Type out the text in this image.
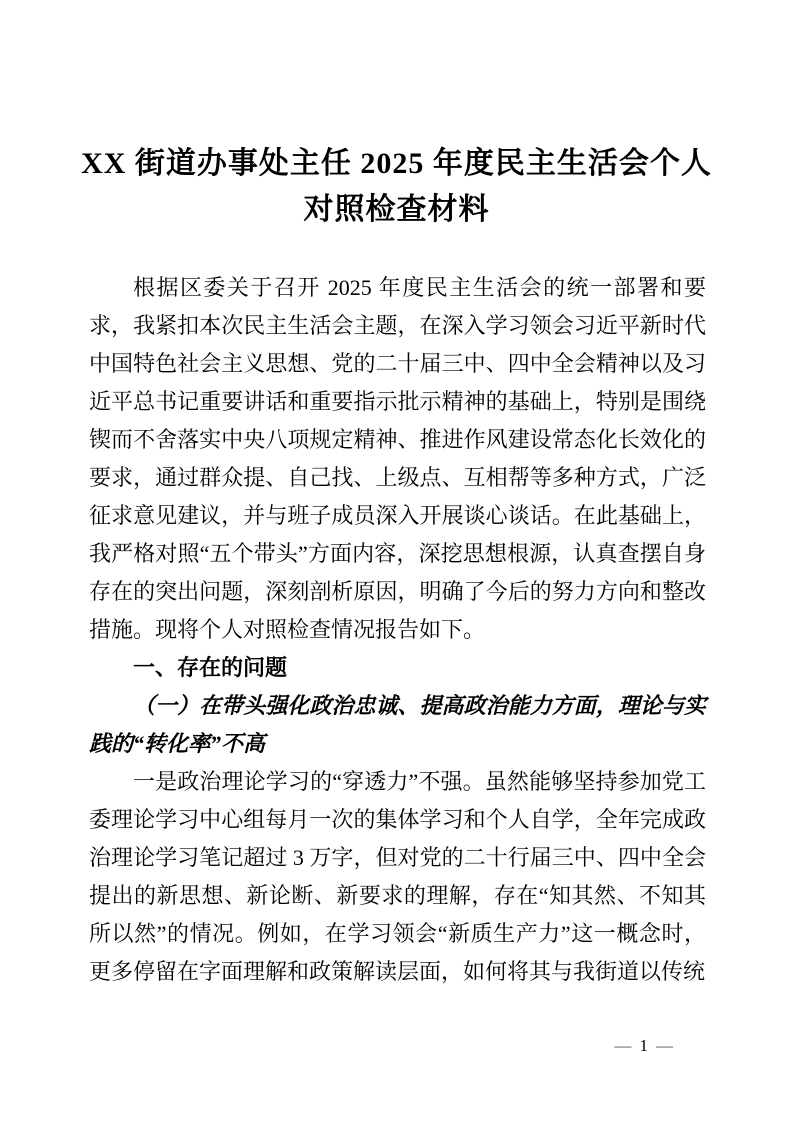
XX 街道办事处主任 2025 年度民主生活会个人
对照检查材料

根据区委关于召开 2025 年度民主生活会的统一部署和要求，我紧扣本次民主生活会主题，在深入学习领会习近平新时代中国特色社会主义思想、党的二十届三中、四中全会精神以及习近平总书记重要讲话和重要指示批示精神的基础上，特别是围绕锲而不舍落实中央八项规定精神、推进作风建设常态化长效化的要求，通过群众提、自己找、上级点、互相帮等多种方式，广泛征求意见建议，并与班子成员深入开展谈心谈话。在此基础上，我严格对照“五个带头”方面内容，深挖思想根源，认真查摆自身存在的突出问题，深刻剖析原因，明确了今后的努力方向和整改措施。现将个人对照检查情况报告如下。

一、存在的问题
（一）在带头强化政治忠诚、提高政治能力方面，理论与实践的“转化率”不高

一是政治理论学习的“穿透力”不强。虽然能够坚持参加党工委理论学习中心组每月一次的集体学习和个人自学，全年完成政治理论学习笔记超过 3 万字，但对党的二十行届三中、四中全会提出的新思想、新论断、新要求的理解，存在“知其然、不知其所以然”的情况。例如，在学习领会“新质生产力”这一概念时，更多停留在字面理解和政策解读层面，如何将其与我街道以传统

— 1 —
